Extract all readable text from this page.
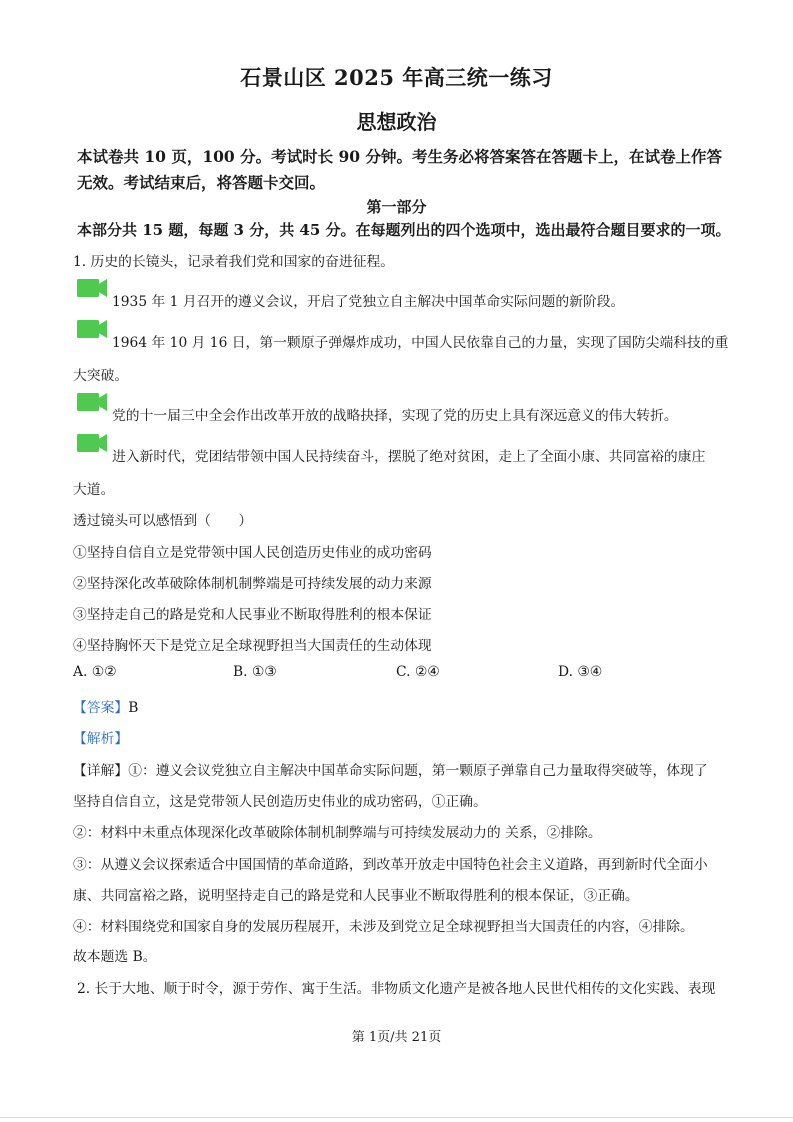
石景山区 2025 年高三统一练习
思想政治
本试卷共 10 页，100 分。考试时长 90 分钟。考生务必将答案答在答题卡上，在试卷上作答无效。考试结束后，将答题卡交回。
第一部分
本部分共 15 题，每题 3 分，共 45 分。在每题列出的四个选项中，选出最符合题目要求的一项。
1. 历史的长镜头，记录着我们党和国家的奋进征程。
1935 年 1 月召开的遵义会议，开启了党独立自主解决中国革命实际问题的新阶段。
1964 年 10 月 16 日，第一颗原子弹爆炸成功，中国人民依靠自己的力量，实现了国防尖端科技的重
大突破。
党的十一届三中全会作出改革开放的战略抉择，实现了党的历史上具有深远意义的伟大转折。
进入新时代，党团结带领中国人民持续奋斗，摆脱了绝对贫困，走上了全面小康、共同富裕的康庄
大道。
透过镜头可以感悟到（　　）
①坚持自信自立是党带领中国人民创造历史伟业的成功密码
②坚持深化改革破除体制机制弊端是可持续发展的动力来源
③坚持走自己的路是党和人民事业不断取得胜利的根本保证
④坚持胸怀天下是党立足全球视野担当大国责任的生动体现
A. ①②	B. ①③	C. ②④	D. ③④
【答案】B
【解析】
【详解】①：遵义会议党独立自主解决中国革命实际问题，第一颗原子弹靠自己力量取得突破等，体现了
坚持自信自立，这是党带领人民创造历史伟业的成功密码，①正确。
②：材料中未重点体现深化改革破除体制机制弊端与可持续发展动力的 关系，②排除。
③：从遵义会议探索适合中国国情的革命道路，到改革开放走中国特色社会主义道路，再到新时代全面小
康、共同富裕之路，说明坚持走自己的路是党和人民事业不断取得胜利的根本保证，③正确。
④：材料围绕党和国家自身的发展历程展开，未涉及到党立足全球视野担当大国责任的内容，④排除。
故本题选 B。
2. 长于大地、顺于时令，源于劳作、寓于生活。非物质文化遗产是被各地人民世代相传的文化实践、表现
第 1页/共 21页
